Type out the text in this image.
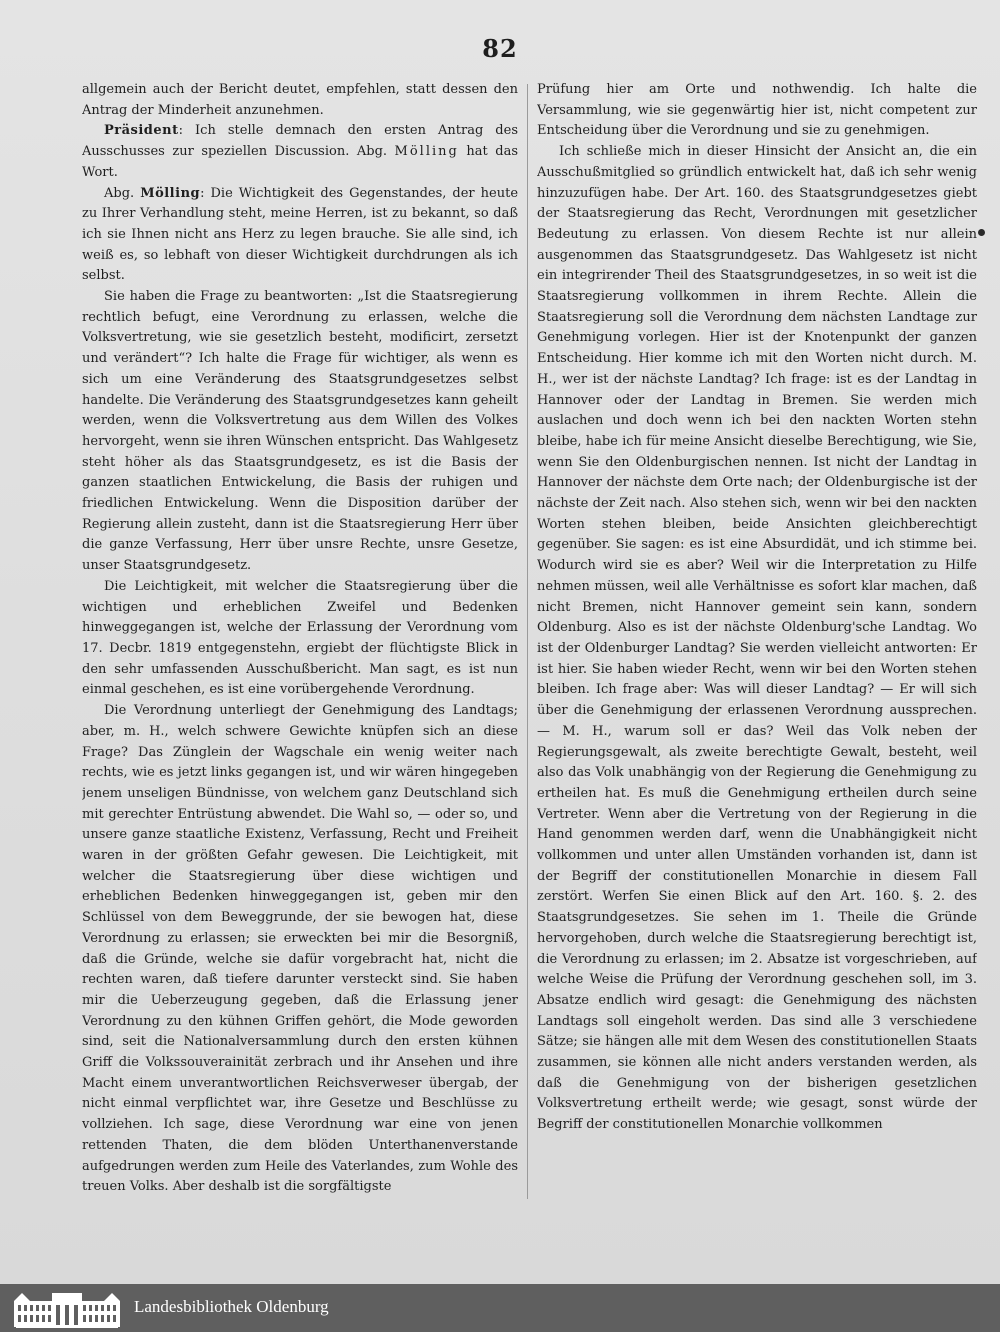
82

allgemein auch der Bericht deutet, empfehlen, statt dessen den Antrag der Minderheit anzunehmen.

Präsident: Ich stelle demnach den ersten Antrag des Ausschusses zur speziellen Discussion. Abg. Mölling hat das Wort.

Abg. Mölling: Die Wichtigkeit des Gegenstandes, der heute zu Ihrer Verhandlung steht, meine Herren, ist zu bekannt, so daß ich sie Ihnen nicht ans Herz zu legen brauche. Sie alle sind, ich weiß es, so lebhaft von dieser Wichtigkeit durchdrungen als ich selbst.

Sie haben die Frage zu beantworten: „Ist die Staatsregierung rechtlich befugt, eine Verordnung zu erlassen, welche die Volksvertretung, wie sie gesetzlich besteht, modificirt, zersetzt und verändert“? Ich halte die Frage für wichtiger, als wenn es sich um eine Veränderung des Staatsgrundgesetzes selbst handelte. Die Veränderung des Staatsgrundgesetzes kann geheilt werden, wenn die Volksvertretung aus dem Willen des Volkes hervorgeht, wenn sie ihren Wünschen entspricht. Das Wahlgesetz steht höher als das Staatsgrundgesetz, es ist die Basis der ganzen staatlichen Entwickelung, die Basis der ruhigen und friedlichen Entwickelung. Wenn die Disposition darüber der Regierung allein zusteht, dann ist die Staatsregierung Herr über die ganze Verfassung, Herr über unsre Rechte, unsre Gesetze, unser Staatsgrundgesetz.

Die Leichtigkeit, mit welcher die Staatsregierung über die wichtigen und erheblichen Zweifel und Bedenken hinweggegangen ist, welche der Erlassung der Verordnung vom 17. Decbr. 1819 entgegenstehn, ergiebt der flüchtigste Blick in den sehr umfassenden Ausschußbericht. Man sagt, es ist nun einmal geschehen, es ist eine vorübergehende Verordnung.

Die Verordnung unterliegt der Genehmigung des Landtags; aber, m. H., welch schwere Gewichte knüpfen sich an diese Frage? Das Zünglein der Wagschale ein wenig weiter nach rechts, wie es jetzt links gegangen ist, und wir wären hingegeben jenem unseligen Bündnisse, von welchem ganz Deutschland sich mit gerechter Entrüstung abwendet. Die Wahl so, — oder so, und unsere ganze staatliche Existenz, Verfassung, Recht und Freiheit waren in der größten Gefahr gewesen. Die Leichtigkeit, mit welcher die Staatsregierung über diese wichtigen und erheblichen Bedenken hinweggegangen ist, geben mir den Schlüssel von dem Beweggrunde, der sie bewogen hat, diese Verordnung zu erlassen; sie erweckten bei mir die Besorgniß, daß die Gründe, welche sie dafür vorgebracht hat, nicht die rechten waren, daß tiefere darunter versteckt sind. Sie haben mir die Ueberzeugung gegeben, daß die Erlassung jener Verordnung zu den kühnen Griffen gehört, die Mode geworden sind, seit die Nationalversammlung durch den ersten kühnen Griff die Volkssouverainität zerbrach und ihr Ansehen und ihre Macht einem unverantwortlichen Reichsverweser übergab, der nicht einmal verpflichtet war, ihre Gesetze und Beschlüsse zu vollziehen. Ich sage, diese Verordnung war eine von jenen rettenden Thaten, die dem blöden Unterthanenverstande aufgedrungen werden zum Heile des Vaterlandes, zum Wohle des treuen Volks. Aber deshalb ist die sorgfältigste

Prüfung hier am Orte und nothwendig. Ich halte die Versammlung, wie sie gegenwärtig hier ist, nicht competent zur Entscheidung über die Verordnung und sie zu genehmigen.

Ich schließe mich in dieser Hinsicht der Ansicht an, die ein Ausschußmitglied so gründlich entwickelt hat, daß ich sehr wenig hinzuzufügen habe. Der Art. 160. des Staatsgrundgesetzes giebt der Staatsregierung das Recht, Verordnungen mit gesetzlicher Bedeutung zu erlassen. Von diesem Rechte ist nur allein ausgenommen das Staatsgrundgesetz. Das Wahlgesetz ist nicht ein integrirender Theil des Staatsgrundgesetzes, in so weit ist die Staatsregierung vollkommen in ihrem Rechte. Allein die Staatsregierung soll die Verordnung dem nächsten Landtage zur Genehmigung vorlegen. Hier ist der Knotenpunkt der ganzen Entscheidung. Hier komme ich mit den Worten nicht durch. M. H., wer ist der nächste Landtag? Ich frage: ist es der Landtag in Hannover oder der Landtag in Bremen. Sie werden mich auslachen und doch wenn ich bei den nackten Worten stehn bleibe, habe ich für meine Ansicht dieselbe Berechtigung, wie Sie, wenn Sie den Oldenburgischen nennen. Ist nicht der Landtag in Hannover der nächste dem Orte nach; der Oldenburgische ist der nächste der Zeit nach. Also stehen sich, wenn wir bei den nackten Worten stehen bleiben, beide Ansichten gleichberechtigt gegenüber. Sie sagen: es ist eine Absurdidät, und ich stimme bei. Wodurch wird sie es aber? Weil wir die Interpretation zu Hilfe nehmen müssen, weil alle Verhältnisse es sofort klar machen, daß nicht Bremen, nicht Hannover gemeint sein kann, sondern Oldenburg. Also es ist der nächste Oldenburg'sche Landtag. Wo ist der Oldenburger Landtag? Sie werden vielleicht antworten: Er ist hier. Sie haben wieder Recht, wenn wir bei den Worten stehen bleiben. Ich frage aber: Was will dieser Landtag? — Er will sich über die Genehmigung der erlassenen Verordnung aussprechen. — M. H., warum soll er das? Weil das Volk neben der Regierungsgewalt, als zweite berechtigte Gewalt, besteht, weil also das Volk unabhängig von der Regierung die Genehmigung zu ertheilen hat. Es muß die Genehmigung ertheilen durch seine Vertreter. Wenn aber die Vertretung von der Regierung in die Hand genommen werden darf, wenn die Unabhängigkeit nicht vollkommen und unter allen Umständen vorhanden ist, dann ist der Begriff der constitutionellen Monarchie in diesem Fall zerstört. Werfen Sie einen Blick auf den Art. 160. §. 2. des Staatsgrundgesetzes. Sie sehen im 1. Theile die Gründe hervorgehoben, durch welche die Staatsregierung berechtigt ist, die Verordnung zu erlassen; im 2. Absatze ist vorgeschrieben, auf welche Weise die Prüfung der Verordnung geschehen soll, im 3. Absatze endlich wird gesagt: die Genehmigung des nächsten Landtags soll eingeholt werden. Das sind alle 3 verschiedene Sätze; sie hängen alle mit dem Wesen des constitutionellen Staats zusammen, sie können alle nicht anders verstanden werden, als daß die Genehmigung von der bisherigen gesetzlichen Volksvertretung ertheilt werde; wie gesagt, sonst würde der Begriff der constitutionellen Monarchie vollkommen

Landesbibliothek Oldenburg
